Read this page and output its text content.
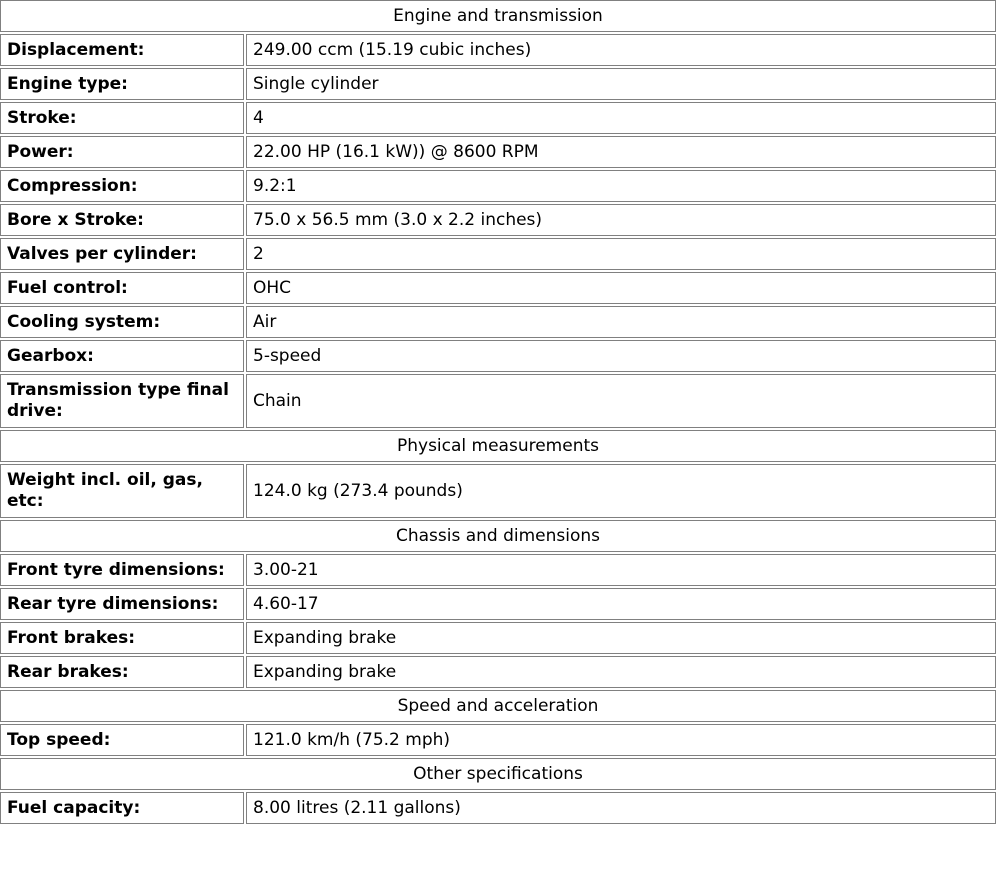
Engine and transmission	
Displacement:	249.00 ccm (15.19 cubic inches)
Engine type:	Single cylinder
Stroke:	4
Power:	22.00 HP (16.1 kW)) @ 8600 RPM
Compression:	9.2:1
Bore x Stroke:	75.0 x 56.5 mm (3.0 x 2.2 inches)
Valves per cylinder:	2
Fuel control:	OHC
Cooling system:	Air
Gearbox:	5-speed
Transmission type final drive:	Chain
Physical measurements	
Weight incl. oil, gas, etc:	124.0 kg (273.4 pounds)
Chassis and dimensions	
Front tyre dimensions:	3.00-21
Rear tyre dimensions:	4.60-17
Front brakes:	Expanding brake
Rear brakes:	Expanding brake
Speed and acceleration	
Top speed:	121.0 km/h (75.2 mph)
Other specifications	
Fuel capacity:	8.00 litres (2.11 gallons)
